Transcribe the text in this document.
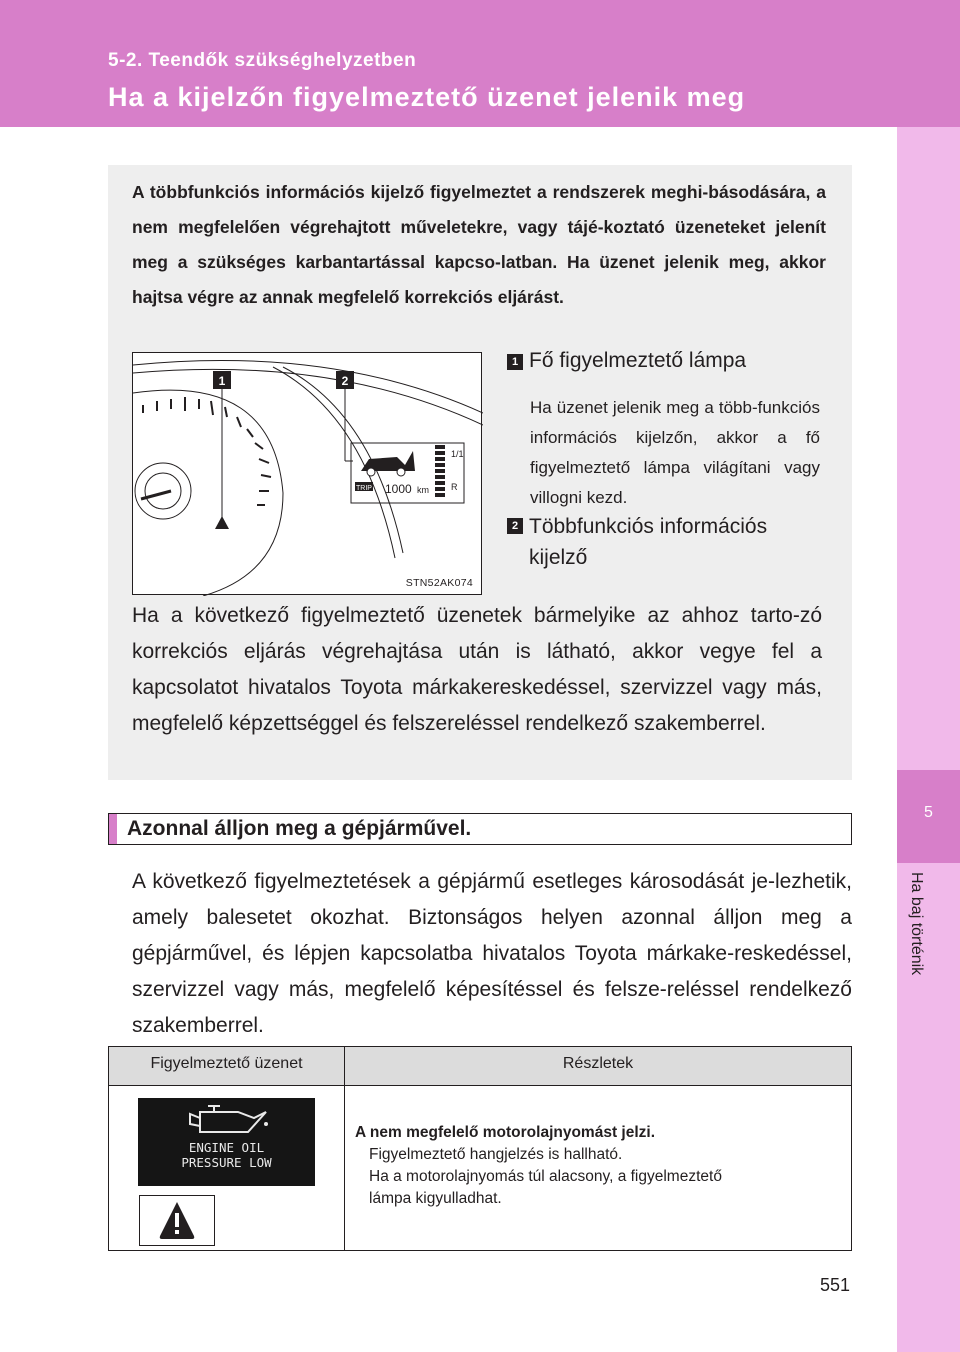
5-2. Teendők szükséghelyzetben
Ha a kijelzőn figyelmeztető üzenet jelenik meg
5
Ha baj történik
A többfunkciós információs kijelző figyelmeztet a rendszerek meghi-básodására, a nem megfelelően végrehajtott műveletekre, vagy tájé-koztató üzeneteket jelenít meg a szükséges karbantartással kapcso-latban. Ha üzenet jelenik meg, akkor hajtsa végre az annak megfelelő korrekciós eljárást.
1	2
1/1
R
TRIP 1000 km
STN52AK074
1 Fő figyelmeztető lámpa
Ha üzenet jelenik meg a több-funkciós információs kijelzőn, akkor a fő figyelmeztető lámpa világítani vagy villogni kezd.
2 Többfunkciós információs
kijelző
Ha a következő figyelmeztető üzenetek bármelyike az ahhoz tarto-zó korrekciós eljárás végrehajtása után is látható, akkor vegye fel a kapcsolatot hivatalos Toyota márkakereskedéssel, szervizzel vagy más, megfelelő képzettséggel és felszereléssel rendelkező szakemberrel.
Azonnal álljon meg a gépjárművel.
A következő figyelmeztetések a gépjármű esetleges károsodását je-lezhetik, amely balesetet okozhat. Biztonságos helyen azonnal álljon meg a gépjárművel, és lépjen kapcsolatba hivatalos Toyota márkake-reskedéssel, szervizzel vagy más, megfelelő képesítéssel és felsze-reléssel rendelkező szakemberrel.
Figyelmeztető üzenet	Részletek
ENGINE OIL
PRESSURE LOW
A nem megfelelő motorolajnyomást jelzi.
Figyelmeztető hangjelzés is hallható.
Ha a motorolajnyomás túl alacsony, a figyelmeztető
lámpa kigyulladhat.
551
